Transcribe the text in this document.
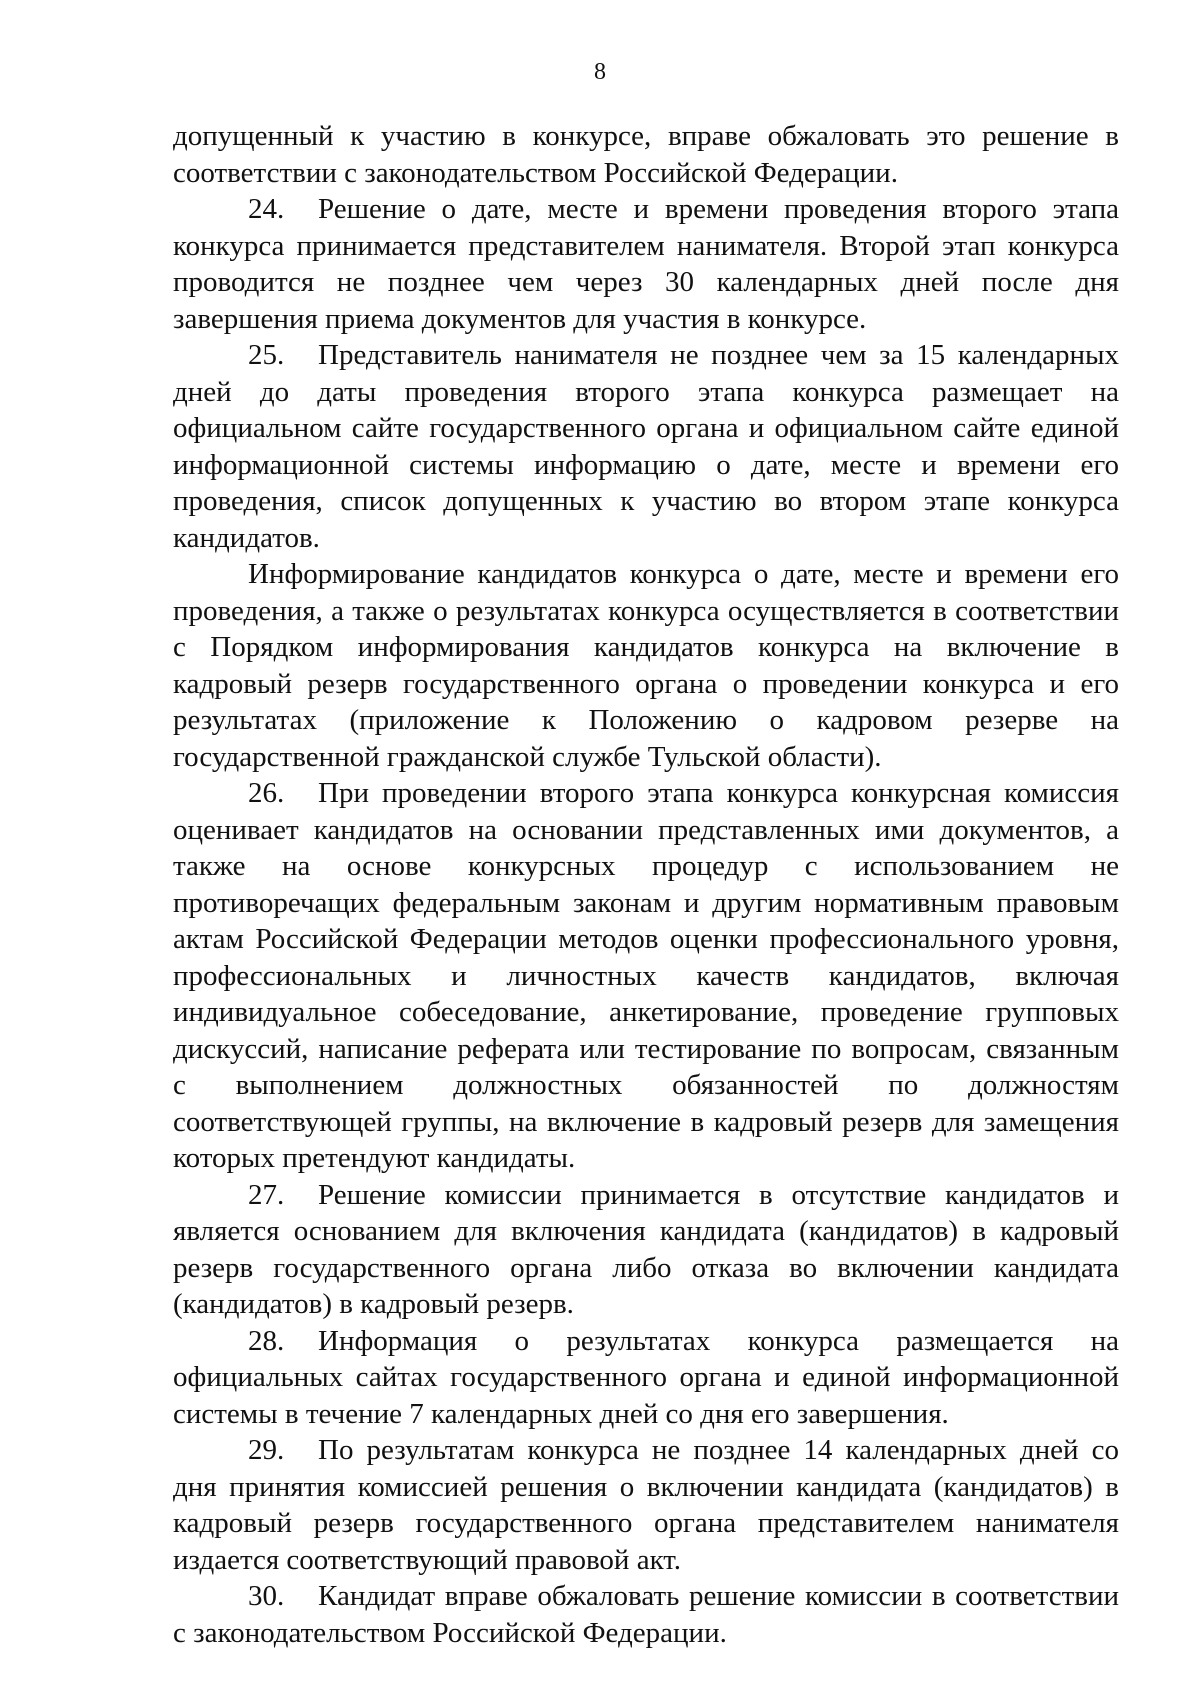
8

допущенный к участию в конкурсе, вправе обжаловать это решение в соответствии с законодательством Российской Федерации.

24. Решение о дате, месте и времени проведения второго этапа конкурса принимается представителем нанимателя. Второй этап конкурса проводится не позднее чем через 30 календарных дней после дня завершения приема документов для участия в конкурсе.

25. Представитель нанимателя не позднее чем за 15 календарных дней до даты проведения второго этапа конкурса размещает на официальном сайте государственного органа и официальном сайте единой информационной системы информацию о дате, месте и времени его проведения, список допущенных к участию во втором этапе конкурса кандидатов.

Информирование кандидатов конкурса о дате, месте и времени его проведения, а также о результатах конкурса осуществляется в соответствии с Порядком информирования кандидатов конкурса на включение в кадровый резерв государственного органа о проведении конкурса и его результатах (приложение к Положению о кадровом резерве на государственной гражданской службе Тульской области).

26. При проведении второго этапа конкурса конкурсная комиссия оценивает кандидатов на основании представленных ими документов, а также на основе конкурсных процедур с использованием не противоречащих федеральным законам и другим нормативным правовым актам Российской Федерации методов оценки профессионального уровня, профессиональных и личностных качеств кандидатов, включая индивидуальное собеседование, анкетирование, проведение групповых дискуссий, написание реферата или тестирование по вопросам, связанным с выполнением должностных обязанностей по должностям соответствующей группы, на включение в кадровый резерв для замещения которых претендуют кандидаты.

27. Решение комиссии принимается в отсутствие кандидатов и является основанием для включения кандидата (кандидатов) в кадровый резерв государственного органа либо отказа во включении кандидата (кандидатов) в кадровый резерв.

28. Информация о результатах конкурса размещается на официальных сайтах государственного органа и единой информационной системы в течение 7 календарных дней со дня его завершения.

29. По результатам конкурса не позднее 14 календарных дней со дня принятия комиссией решения о включении кандидата (кандидатов) в кадровый резерв государственного органа представителем нанимателя издается соответствующий правовой акт.

30. Кандидат вправе обжаловать решение комиссии в соответствии с законодательством Российской Федерации.
